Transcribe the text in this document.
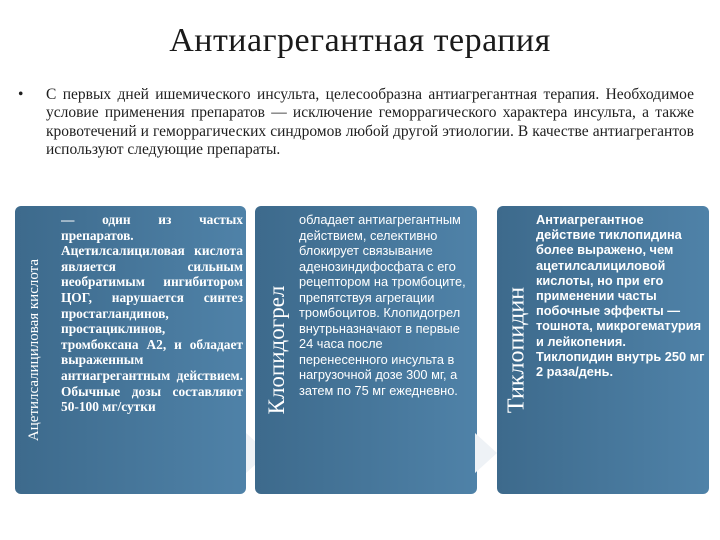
Антиагрегантная терапия
•	С первых дней ишемического инсульта, целесообразна антиагрегантная терапия. Необходимое условие применения препаратов — исключение геморрагического характера инсульта, а также кровотечений и геморрагических синдромов любой другой этиологии. В качестве антиагрегантов используют следующие препараты.
Ацетилсалициловая кислота
— один из частых препаратов. Ацетилсалициловая кислота является сильным необратимым ингибитором ЦОГ, нарушается синтез простагландинов, простациклинов, тромбоксана А2, и обладает выраженным антиагрегантным действием. Обычные дозы составляют 50-100 мг/сутки	Клопидогрел
обладает антиагрегантным действием, селективно блокирует связывание аденозиндифосфата с его рецептором на тромбоците, препятствуя агрегации тромбоцитов. Клопидогрел внутрьназначают в первые 24 часа после перенесенного инсульта в нагрузочной дозе 300 мг, а затем по 75 мг ежедневно.	Тиклопидин
Антиагрегантное действие тиклопидина более выражено, чем ацетилсалициловой кислоты, но при его применении часты побочные эффекты — тошнота, микрогематурия и лейкопения. Тиклопидин внутрь 250 мг 2 раза/день.
